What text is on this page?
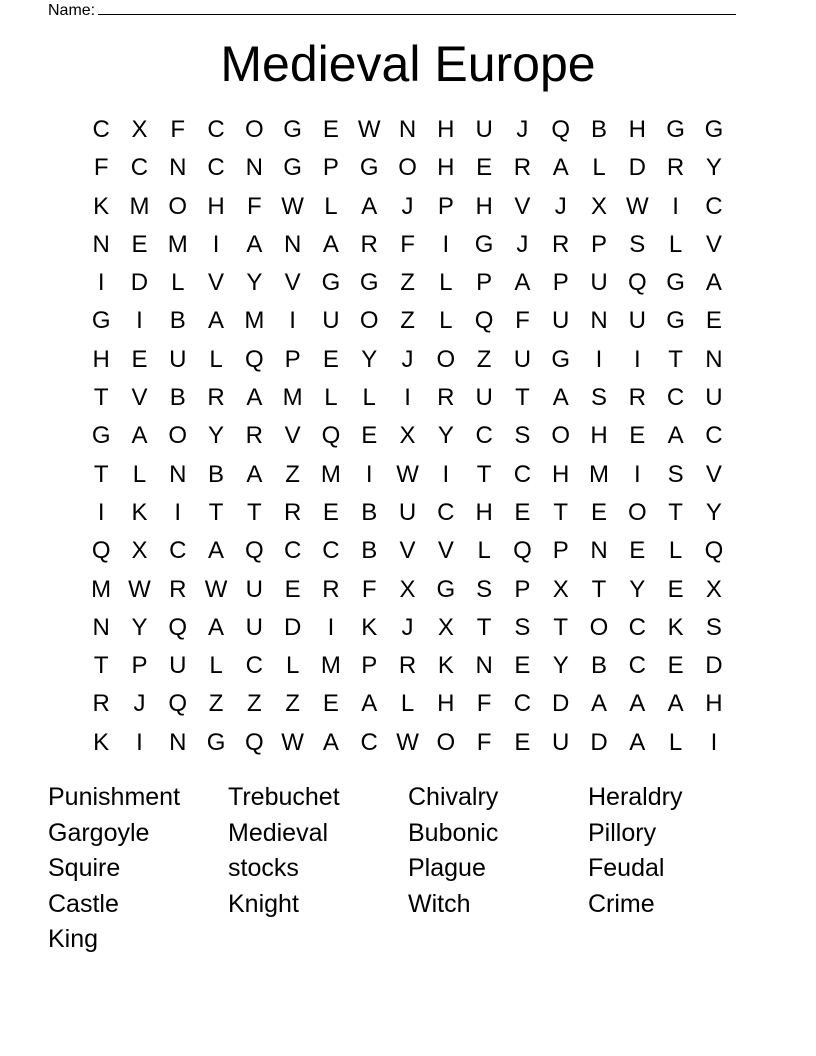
Name:
Medieval Europe
C X F C O G E W N H U J Q B H G G
F C N C N G P G O H E R A L D R Y
K M O H F W L A	J	P H V	J	X W I	C
N E M	I	A N A R F	I	G J R P S L V
I	D L V Y V G G Z	L P A P U Q G A
G	I	B A M	I	U O Z	L Q F U N U G E
H E U L Q P E Y	J O Z U G	I	I	T N
T V B R A M L	L	I	R U T A S R C U
G A O Y R V Q E X Y C S O H E A C
T	L N B A Z M	I W I	T C H M	I	S V
I	K	I	T T R E B U C H E T E O T Y
Q X C A Q C C B V V L Q P N E L Q
M W R W U E R F X G S P X T Y E X
N Y Q A U D	I	K	J	X T S T O C K S
T P U L C L M P R K N E Y B C E D
R J Q Z Z Z E A L H F C D A A A H
K	I	N G Q W A C W O F E U D A L	I
Punishment	Trebuchet	Chivalry	Heraldry
Gargoyle	Medieval	Bubonic	Pillory
Squire	stocks	Plague	Feudal
Castle	Knight	Witch	Crime
King
